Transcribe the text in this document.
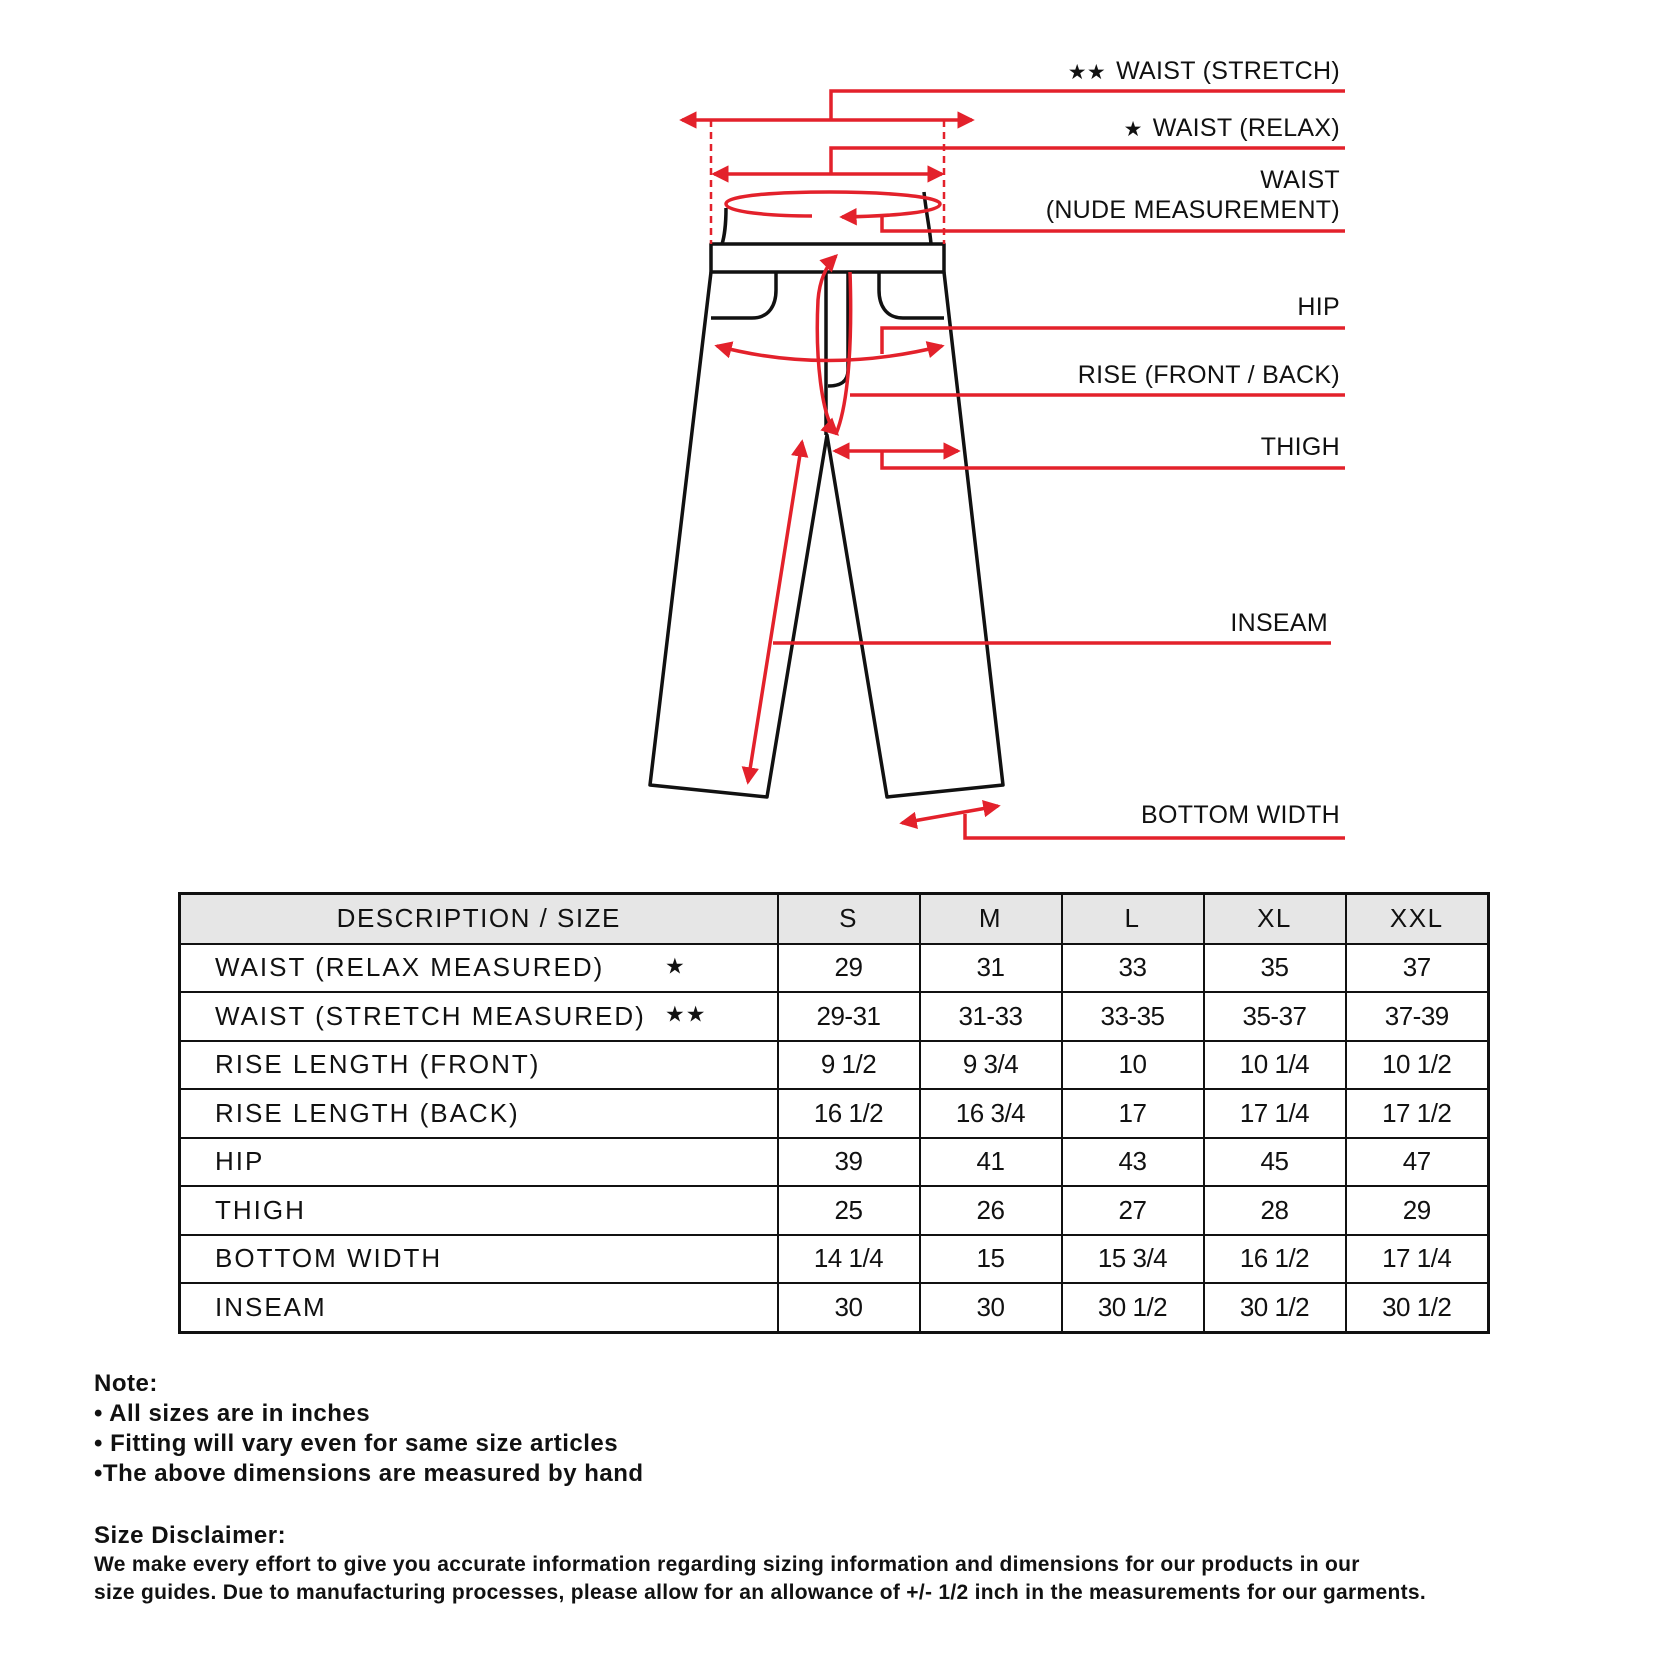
★★ WAIST (STRETCH)
★ WAIST (RELAX)
WAIST
(NUDE MEASUREMENT)
HIP
RISE (FRONT / BACK)
THIGH
INSEAM
BOTTOM WIDTH
DESCRIPTION / SIZE	S	M	L	XL	XXL
WAIST (RELAX MEASURED) ★	29	31	33	35	37
WAIST (STRETCH MEASURED) ★★	29-31	31-33	33-35	35-37	37-39
RISE LENGTH (FRONT)	9 1/2	9 3/4	10	10 1/4	10 1/2
RISE LENGTH (BACK)	16 1/2	16 3/4	17	17 1/4	17 1/2
HIP	39	41	43	45	47
THIGH	25	26	27	28	29
BOTTOM WIDTH	14 1/4	15	15 3/4	16 1/2	17 1/4
INSEAM	30	30	30 1/2	30 1/2	30 1/2
Note:
• All sizes are in inches
• Fitting will vary even for same size articles
•The above dimensions are measured by hand
Size Disclaimer:
We make every effort to give you accurate information regarding sizing information and dimensions for our products in our
size guides. Due to manufacturing processes, please allow for an allowance of +/- 1/2 inch in the measurements for our garments.
